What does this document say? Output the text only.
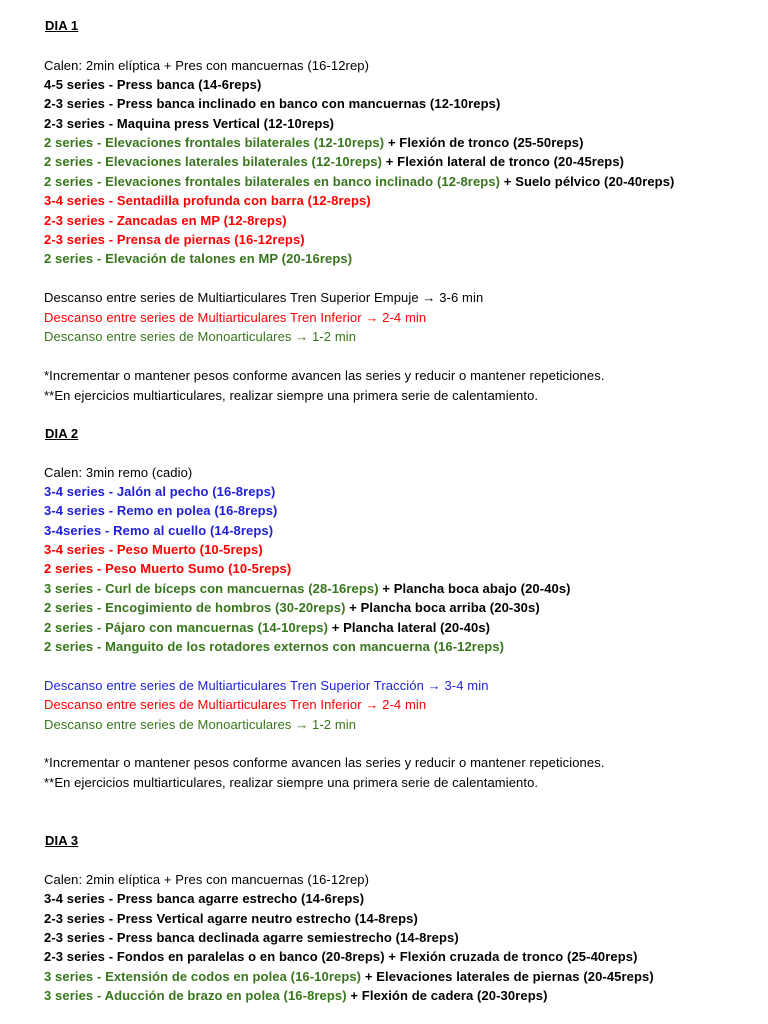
DIA 1
Calen: 2min elíptica + Pres con mancuernas (16-12rep)
4-5 series - Press banca (14-6reps)
2-3 series - Press banca inclinado en banco con mancuernas (12-10reps)
2-3 series - Maquina press Vertical (12-10reps)
2 series - Elevaciones frontales bilaterales (12-10reps) + Flexión de tronco (25-50reps)
2 series - Elevaciones laterales bilaterales (12-10reps) + Flexión lateral de tronco (20-45reps)
2 series - Elevaciones frontales bilaterales en banco inclinado (12-8reps) + Suelo pélvico (20-40reps)
3-4 series - Sentadilla profunda con barra (12-8reps)
2-3 series - Zancadas en MP (12-8reps)
2-3 series - Prensa de piernas (16-12reps)
2 series - Elevación de talones en MP (20-16reps)
Descanso entre series de Multiarticulares Tren Superior Empuje → 3-6 min
Descanso entre series de Multiarticulares Tren Inferior → 2-4 min
Descanso entre series de Monoarticulares → 1-2 min
*Incrementar o mantener pesos conforme avancen las series y reducir o mantener repeticiones.
**En ejercicios multiarticulares, realizar siempre una primera serie de calentamiento.
DIA 2
Calen: 3min remo (cadio)
3-4 series - Jalón al pecho (16-8reps)
3-4 series - Remo en polea (16-8reps)
3-4series - Remo al cuello (14-8reps)
3-4 series - Peso Muerto (10-5reps)
2 series - Peso Muerto Sumo (10-5reps)
3 series - Curl de bíceps con mancuernas (28-16reps) + Plancha boca abajo (20-40s)
2 series - Encogimiento de hombros (30-20reps) + Plancha boca arriba (20-30s)
2 series - Pájaro con mancuernas (14-10reps) + Plancha lateral (20-40s)
2 series - Manguito de los rotadores externos con mancuerna (16-12reps)
Descanso entre series de Multiarticulares Tren Superior Tracción → 3-4 min
Descanso entre series de Multiarticulares Tren Inferior → 2-4 min
Descanso entre series de Monoarticulares → 1-2 min
*Incrementar o mantener pesos conforme avancen las series y reducir o mantener repeticiones.
**En ejercicios multiarticulares, realizar siempre una primera serie de calentamiento.
DIA 3
Calen: 2min elíptica + Pres con mancuernas (16-12rep)
3-4 series - Press banca agarre estrecho (14-6reps)
2-3 series - Press Vertical agarre neutro estrecho (14-8reps)
2-3 series - Press banca declinada agarre semiestrecho (14-8reps)
2-3 series - Fondos en paralelas o en banco (20-8reps) + Flexión cruzada de tronco (25-40reps)
3 series - Extensión de codos en polea (16-10reps) + Elevaciones laterales de piernas (20-45reps)
3 series - Aducción de brazo en polea (16-8reps) + Flexión de cadera (20-30reps)
